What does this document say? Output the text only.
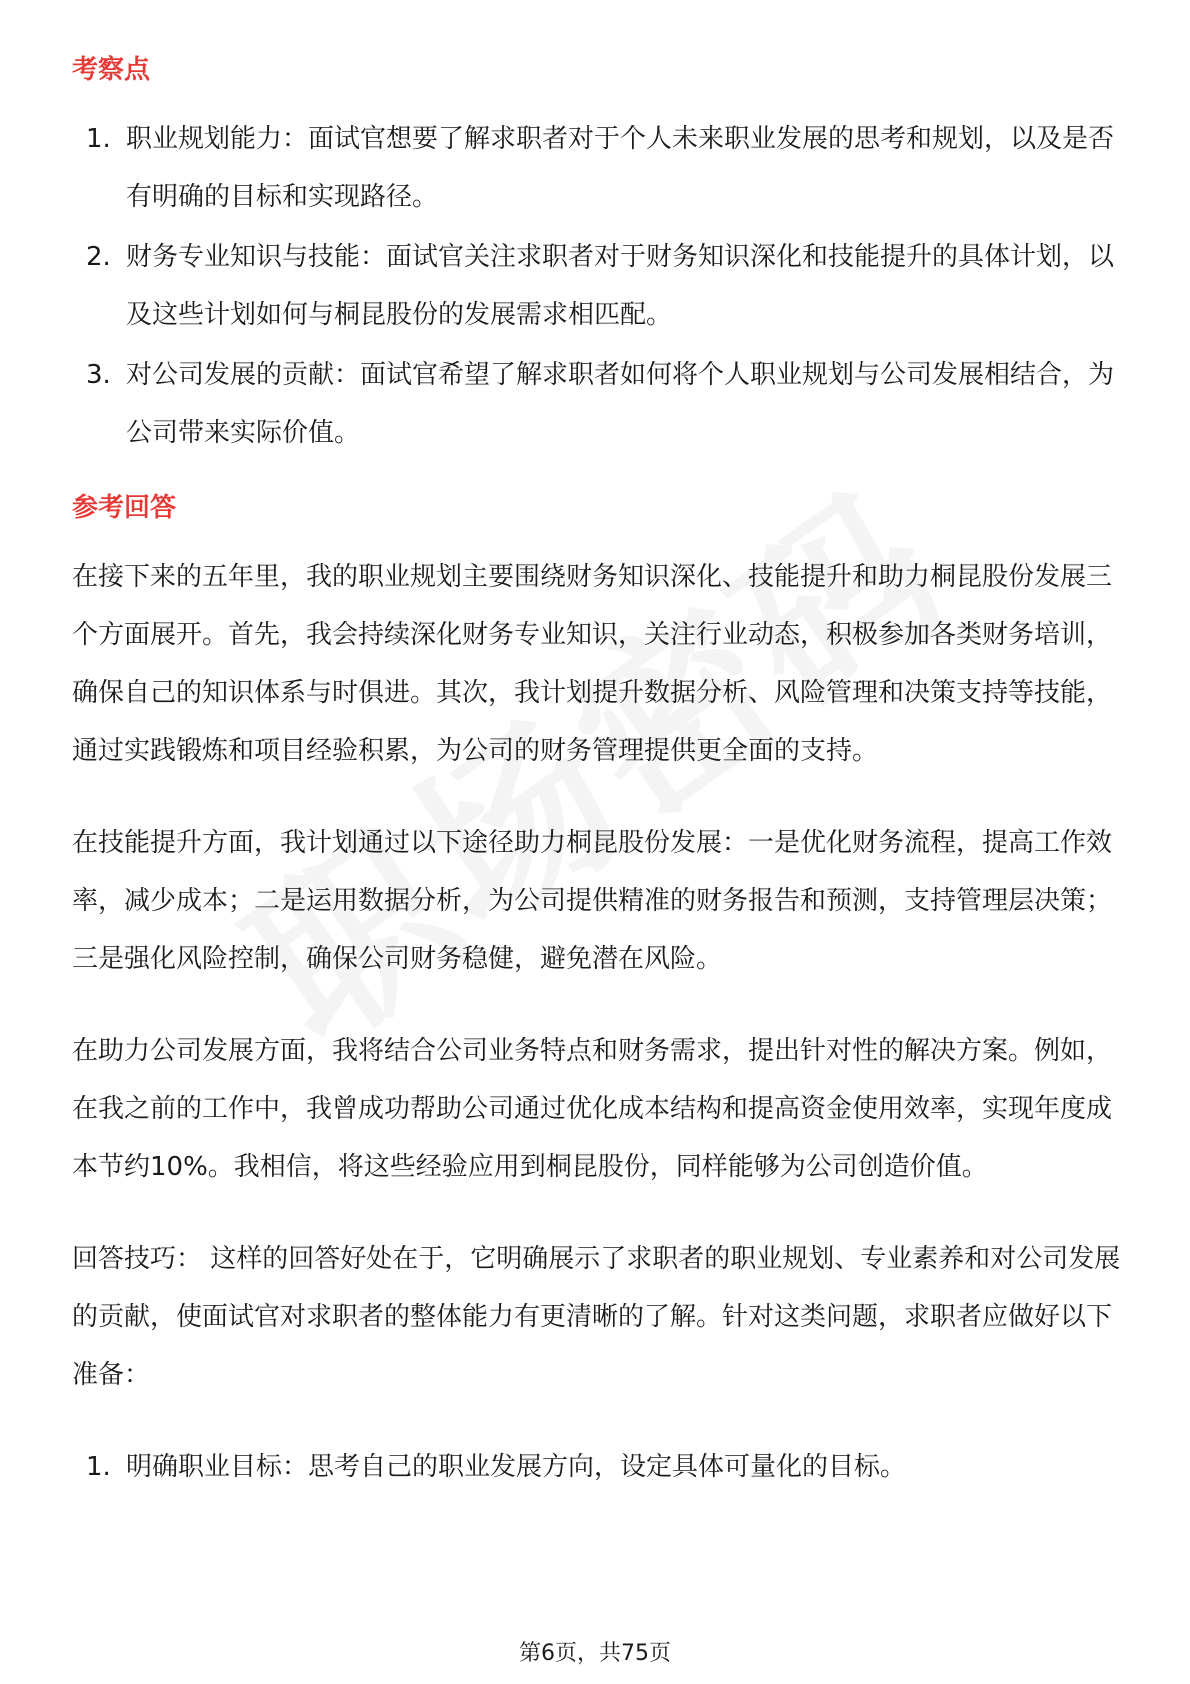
考察点
1. 职业规划能力：面试官想要了解求职者对于个人未来职业发展的思考和规划，以及是否有明确的目标和实现路径。
2. 财务专业知识与技能：面试官关注求职者对于财务知识深化和技能提升的具体计划，以及这些计划如何与桐昆股份的发展需求相匹配。
3. 对公司发展的贡献：面试官希望了解求职者如何将个人职业规划与公司发展相结合，为公司带来实际价值。
参考回答

在接下来的五年里，我的职业规划主要围绕财务知识深化、技能提升和助力桐昆股份发展三个方面展开。首先，我会持续深化财务专业知识，关注行业动态，积极参加各类财务培训，确保自己的知识体系与时俱进。其次，我计划提升数据分析、风险管理和决策支持等技能，通过实践锻炼和项目经验积累，为公司的财务管理提供更全面的支持。

在技能提升方面，我计划通过以下途径助力桐昆股份发展：一是优化财务流程，提高工作效率，减少成本；二是运用数据分析，为公司提供精准的财务报告和预测，支持管理层决策；三是强化风险控制，确保公司财务稳健，避免潜在风险。

在助力公司发展方面，我将结合公司业务特点和财务需求，提出针对性的解决方案。例如，在我之前的工作中，我曾成功帮助公司通过优化成本结构和提高资金使用效率，实现年度成本节约10%。我相信，将这些经验应用到桐昆股份，同样能够为公司创造价值。

回答技巧： 这样的回答好处在于，它明确展示了求职者的职业规划、专业素养和对公司发展的贡献，使面试官对求职者的整体能力有更清晰的了解。针对这类问题，求职者应做好以下准备：

1. 明确职业目标：思考自己的职业发展方向，设定具体可量化的目标。
第6页，共75页
